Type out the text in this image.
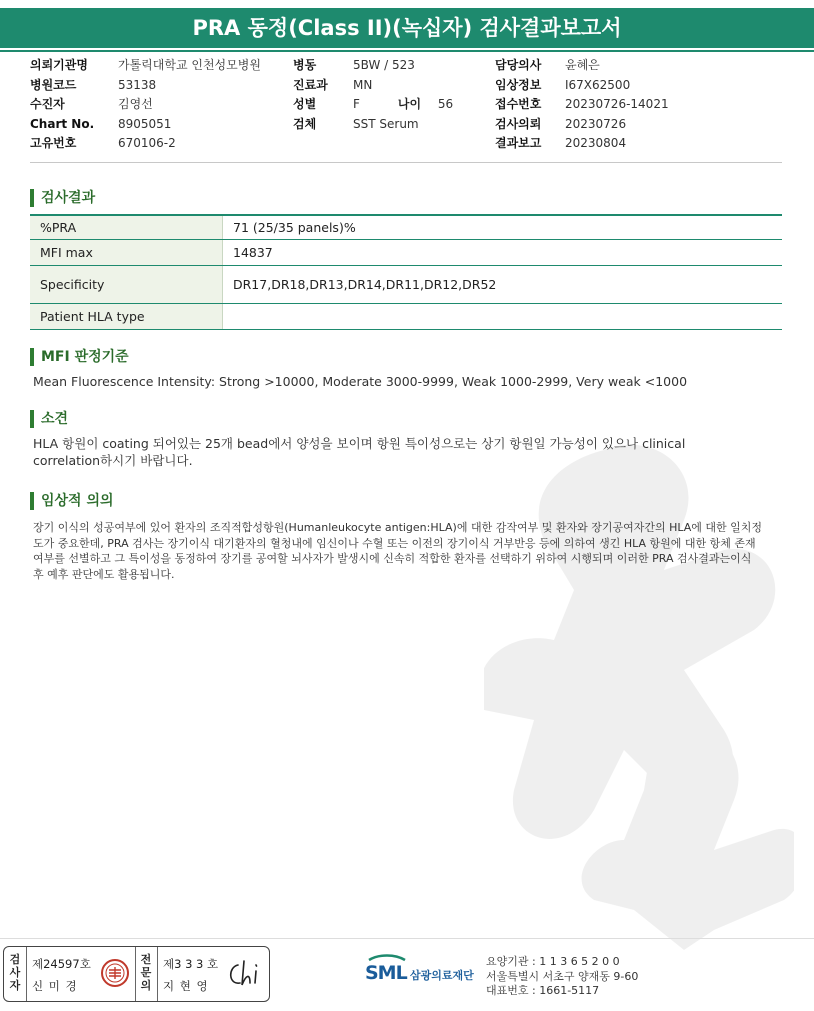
PRA 동정(Class II)(녹십자) 검사결과보고서
의뢰기관명	가톨릭대학교 인천성모병원
병원코드	53138
수진자	김영선
Chart No. 8905051
고유번호	670106-2
병동	5BW / 523
진료과 MN
성별	F	나이 56
검체	SST Serum
담당의사 윤혜은
임상정보 I67X62500
접수번호 20230726-14021
검사의뢰 20230726
결과보고 20230804
검사결과
%PRA	71 (25/35 panels)%
MFI max	14837
Specificity	DR17,DR18,DR13,DR14,DR11,DR12,DR52
Patient HLA type	
MFI 판정기준
Mean Fluorescence Intensity: Strong >10000, Moderate 3000-9999, Weak 1000-2999, Very weak <1000
소견
HLA 항원이 coating 되어있는 25개 bead에서 양성을 보이며 항원 특이성으로는 상기 항원일 가능성이 있으나 clinical correlation하시기 바랍니다.
임상적 의의
장기 이식의 성공여부에 있어 환자의 조직적합성항원(Humanleukocyte antigen:HLA)에 대한 감작여부 및 환자와 장기공여자간의 HLA에 대한 일치정도가 중요한데, PRA 검사는 장기이식 대기환자의 혈청내에 임신이나 수혈 또는 이전의 장기이식 거부반응 등에 의하여 생긴 HLA 항원에 대한 항체 존재 여부를 선별하고 그 특이성을 동정하여 장기를 공여할 뇌사자가 발생시에 신속히 적합한 환자를 선택하기 위하여 시행되며 이러한 PRA 검사결과는이식 후 예후 판단에도 활용됩니다.
검
사
자
제24597호
신 미 경
전
문
의
제3 3 3 호
지 현 영
SML 삼광의료재단
요양기관 : 1 1 3 6 5 2 0 0
서울특별시 서초구 양재동 9-60
대표번호 : 1661-5117
